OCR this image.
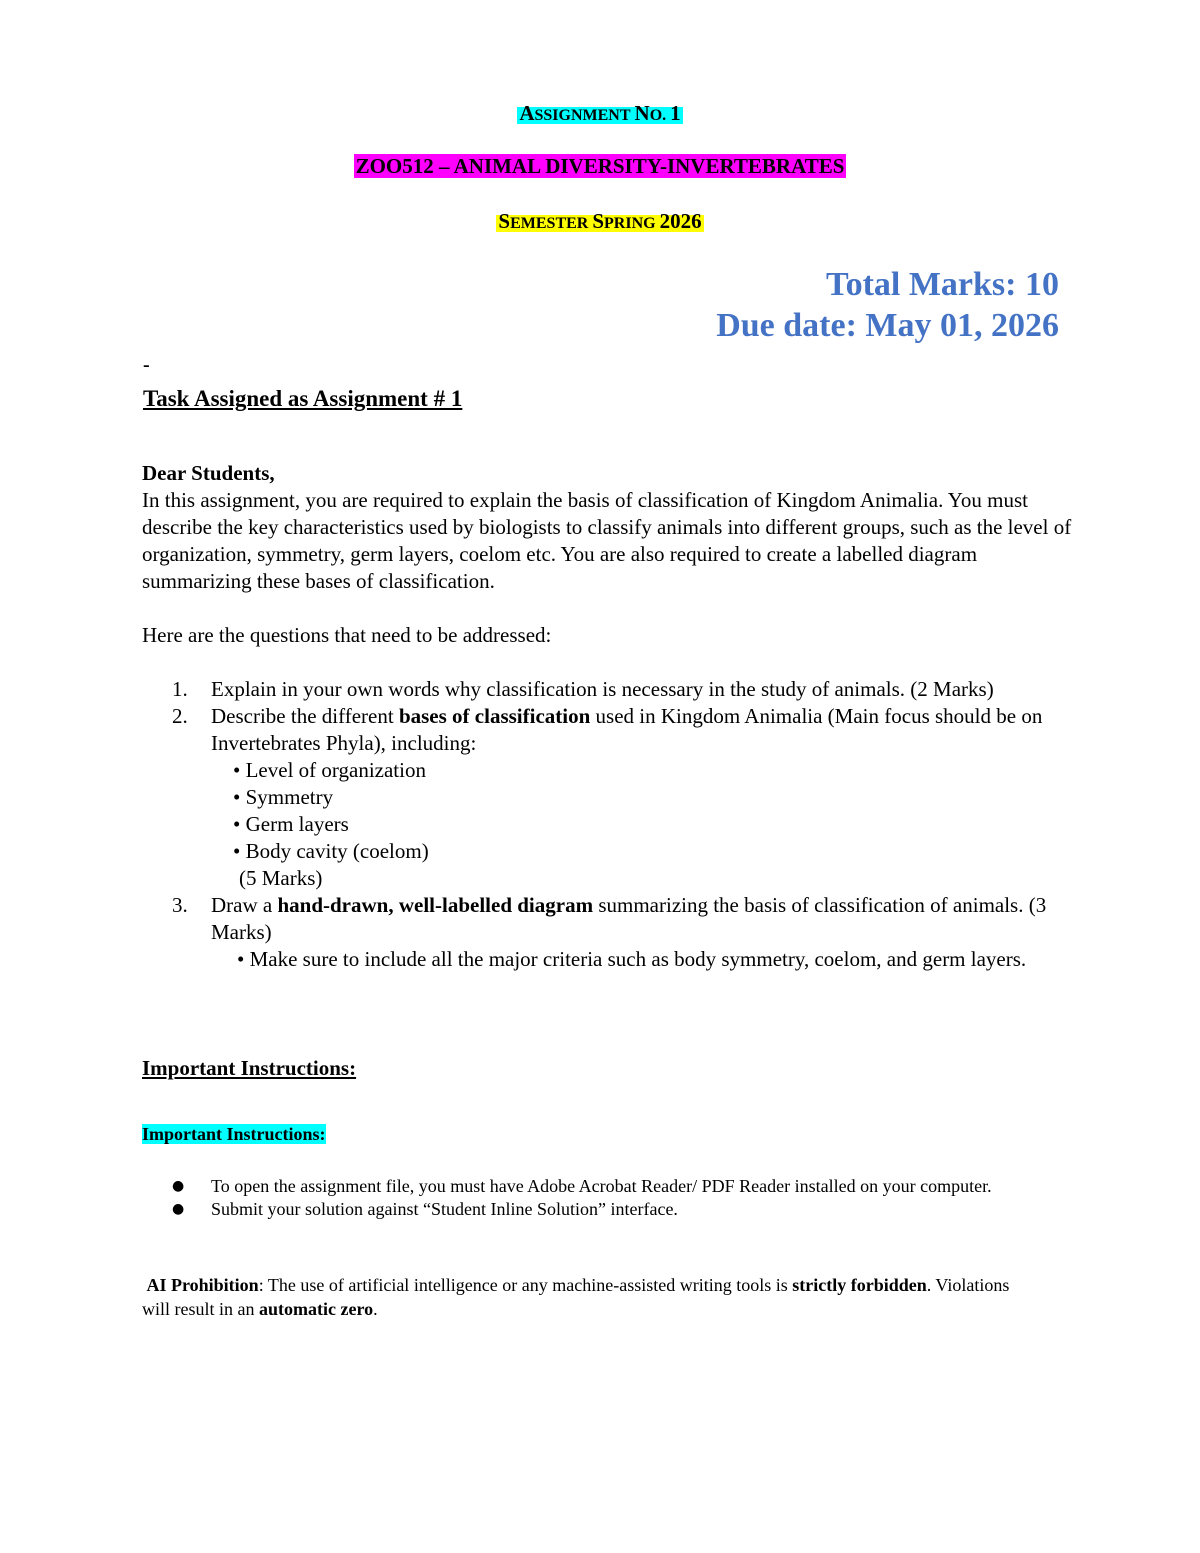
ASSIGNMENT NO. 1
ZOO512 – ANIMAL DIVERSITY-INVERTEBRATES
SEMESTER SPRING 2026
Total Marks: 10
Due date: May 01, 2026
-
Task Assigned as Assignment # 1
Dear Students,
In this assignment, you are required to explain the basis of classification of Kingdom Animalia. You must describe the key characteristics used by biologists to classify animals into different groups, such as the level of organization, symmetry, germ layers, coelom etc. You are also required to create a labelled diagram summarizing these bases of classification.
Here are the questions that need to be addressed:
1. Explain in your own words why classification is necessary in the study of animals. (2 Marks)
2. Describe the different bases of classification used in Kingdom Animalia (Main focus should be on Invertebrates Phyla), including:
• Level of organization
• Symmetry
• Germ layers
• Body cavity (coelom)
(5 Marks)
3. Draw a hand-drawn, well-labelled diagram summarizing the basis of classification of animals. (3 Marks)
• Make sure to include all the major criteria such as body symmetry, coelom, and germ layers.
Important Instructions:
Important Instructions:
● To open the assignment file, you must have Adobe Acrobat Reader/ PDF Reader installed on your computer.
● Submit your solution against “Student Inline Solution” interface.
AI Prohibition: The use of artificial intelligence or any machine-assisted writing tools is strictly forbidden. Violations will result in an automatic zero.
